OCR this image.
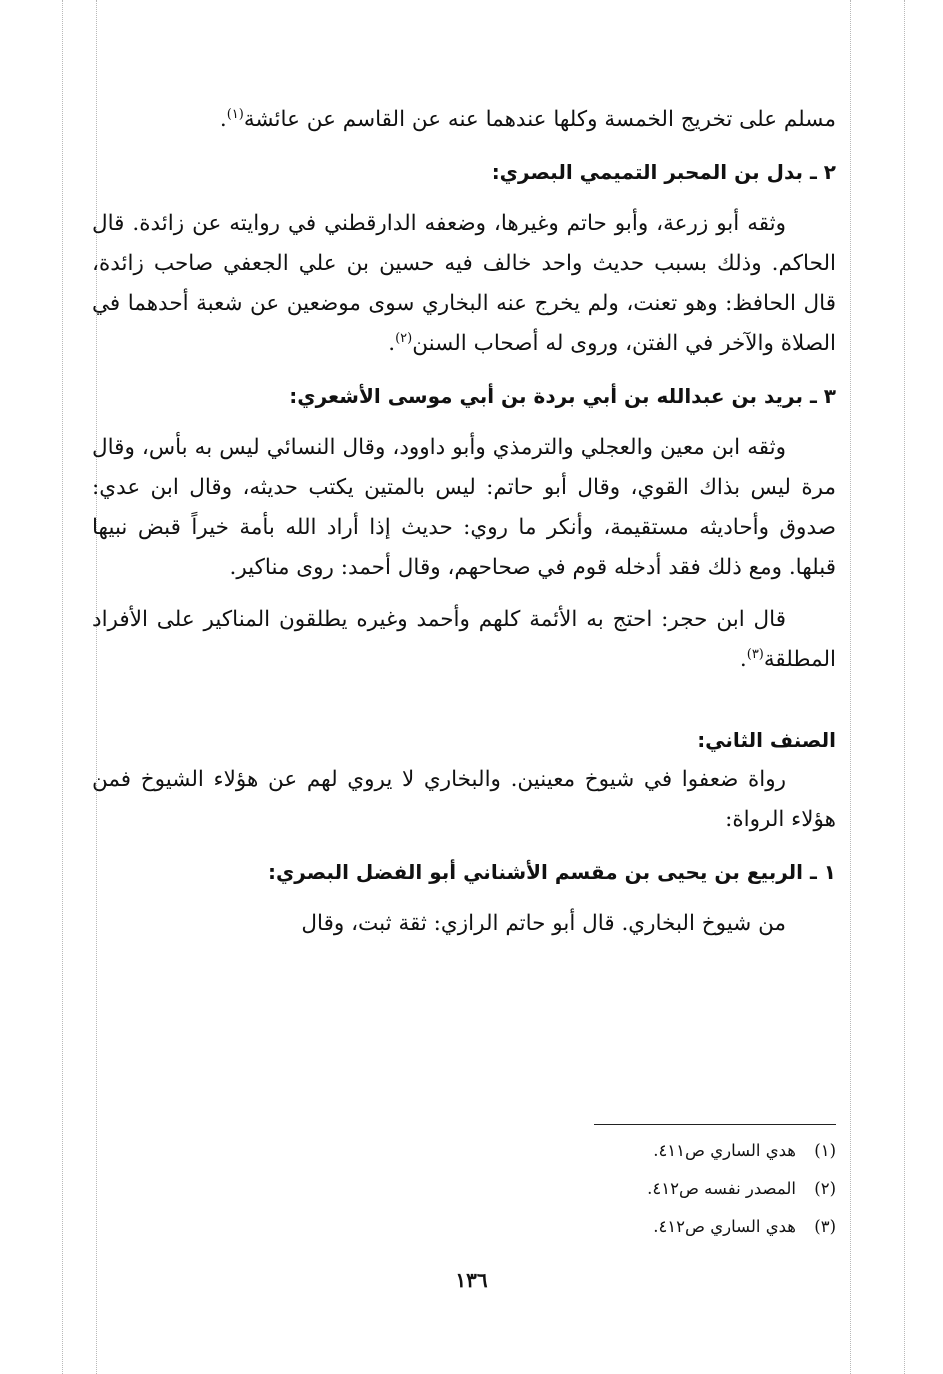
مسلم على تخريج الخمسة وكلها عندهما عنه عن القاسم عن عائشة$^{(١)}$.

٢ ـ بدل بن المحبر التميمي البصري:

وثقه أبو زرعة، وأبو حاتم وغيرها، وضعفه الدارقطني في روايته عن زائدة. قال الحاكم. وذلك بسبب حديث واحد خالف فيه حسين بن علي الجعفي صاحب زائدة، قال الحافظ: وهو تعنت، ولم يخرج عنه البخاري سوى موضعين عن شعبة أحدهما في الصلاة والآخر في الفتن، وروى له أصحاب السنن$^{(٢)}$.

٣ ـ بريد بن عبدالله بن أبي بردة بن أبي موسى الأشعري:

وثقه ابن معين والعجلي والترمذي وأبو داوود، وقال النسائي ليس به بأس، وقال مرة ليس بذاك القوي، وقال أبو حاتم: ليس بالمتين يكتب حديثه، وقال ابن عدي: صدوق وأحاديثه مستقيمة، وأنكر ما روي: حديث إذا أراد الله بأمة خيراً قبض نبيها قبلها. ومع ذلك فقد أدخله قوم في صحاحهم، وقال أحمد: روى مناكير.

قال ابن حجر: احتج به الأئمة كلهم وأحمد وغيره يطلقون المناكير على الأفراد المطلقة$^{(٣)}$.

الصنف الثاني:

رواة ضعفوا في شيوخ معينين. والبخاري لا يروي لهم عن هؤلاء الشيوخ فمن هؤلاء الرواة:

١ ـ الربيع بن يحيى بن مقسم الأشناني أبو الفضل البصري:

من شيوخ البخاري. قال أبو حاتم الرازي: ثقة ثبت، وقال

(١)هدي الساري ص٤١١.
(٢)المصدر نفسه ص٤١٢.
(٣)هدي الساري ص٤١٢.
١٣٦
